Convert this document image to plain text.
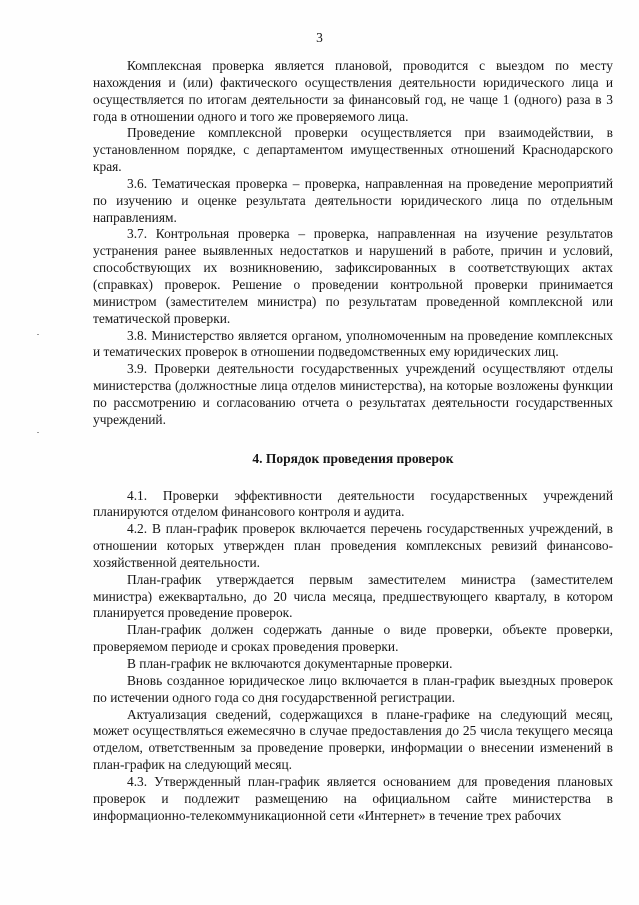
3

Комплексная проверка является плановой, проводится с выездом по месту нахождения и (или) фактического осуществления деятельности юридического лица и осуществляется по итогам деятельности за финансовый год, не чаще 1 (одного) раза в 3 года в отношении одного и того же проверяемого лица.

Проведение комплексной проверки осуществляется при взаимодействии, в установленном порядке, с департаментом имущественных отношений Краснодарского края.

3.6. Тематическая проверка – проверка, направленная на проведение мероприятий по изучению и оценке результата деятельности юридического лица по отдельным направлениям.

3.7. Контрольная проверка – проверка, направленная на изучение результатов устранения ранее выявленных недостатков и нарушений в работе, причин и условий, способствующих их возникновению, зафиксированных в соответствующих актах (справках) проверок. Решение о проведении контрольной проверки принимается министром (заместителем министра) по результатам проведенной комплексной или тематической проверки.

3.8. Министерство является органом, уполномоченным на проведение комплексных и тематических проверок в отношении подведомственных ему юридических лиц.

3.9. Проверки деятельности государственных учреждений осуществляют отделы министерства (должностные лица отделов министерства), на которые возложены функции по рассмотрению и согласованию отчета о результатах деятельности государственных учреждений.

4. Порядок проведения проверок

4.1. Проверки эффективности деятельности государственных учреждений планируются отделом финансового контроля и аудита.

4.2. В план-график проверок включается перечень государственных учреждений, в отношении которых утвержден план проведения комплексных ревизий финансово-хозяйственной деятельности.

План-график утверждается первым заместителем министра (заместителем министра) ежеквартально, до 20 числа месяца, предшествующего кварталу, в котором планируется проведение проверок.

План-график должен содержать данные о виде проверки, объекте проверки, проверяемом периоде и сроках проведения проверки.

В план-график не включаются документарные проверки.

Вновь созданное юридическое лицо включается в план-график выездных проверок по истечении одного года со дня государственной регистрации.

Актуализация сведений, содержащихся в плане-графике на следующий месяц, может осуществляться ежемесячно в случае предоставления до 25 числа текущего месяца отделом, ответственным за проведение проверки, информации о внесении изменений в план-график на следующий месяц.

4.3. Утвержденный план-график является основанием для проведения плановых проверок и подлежит размещению на официальном сайте министерства в информационно-телекоммуникационной сети «Интернет» в течение трех рабочих
